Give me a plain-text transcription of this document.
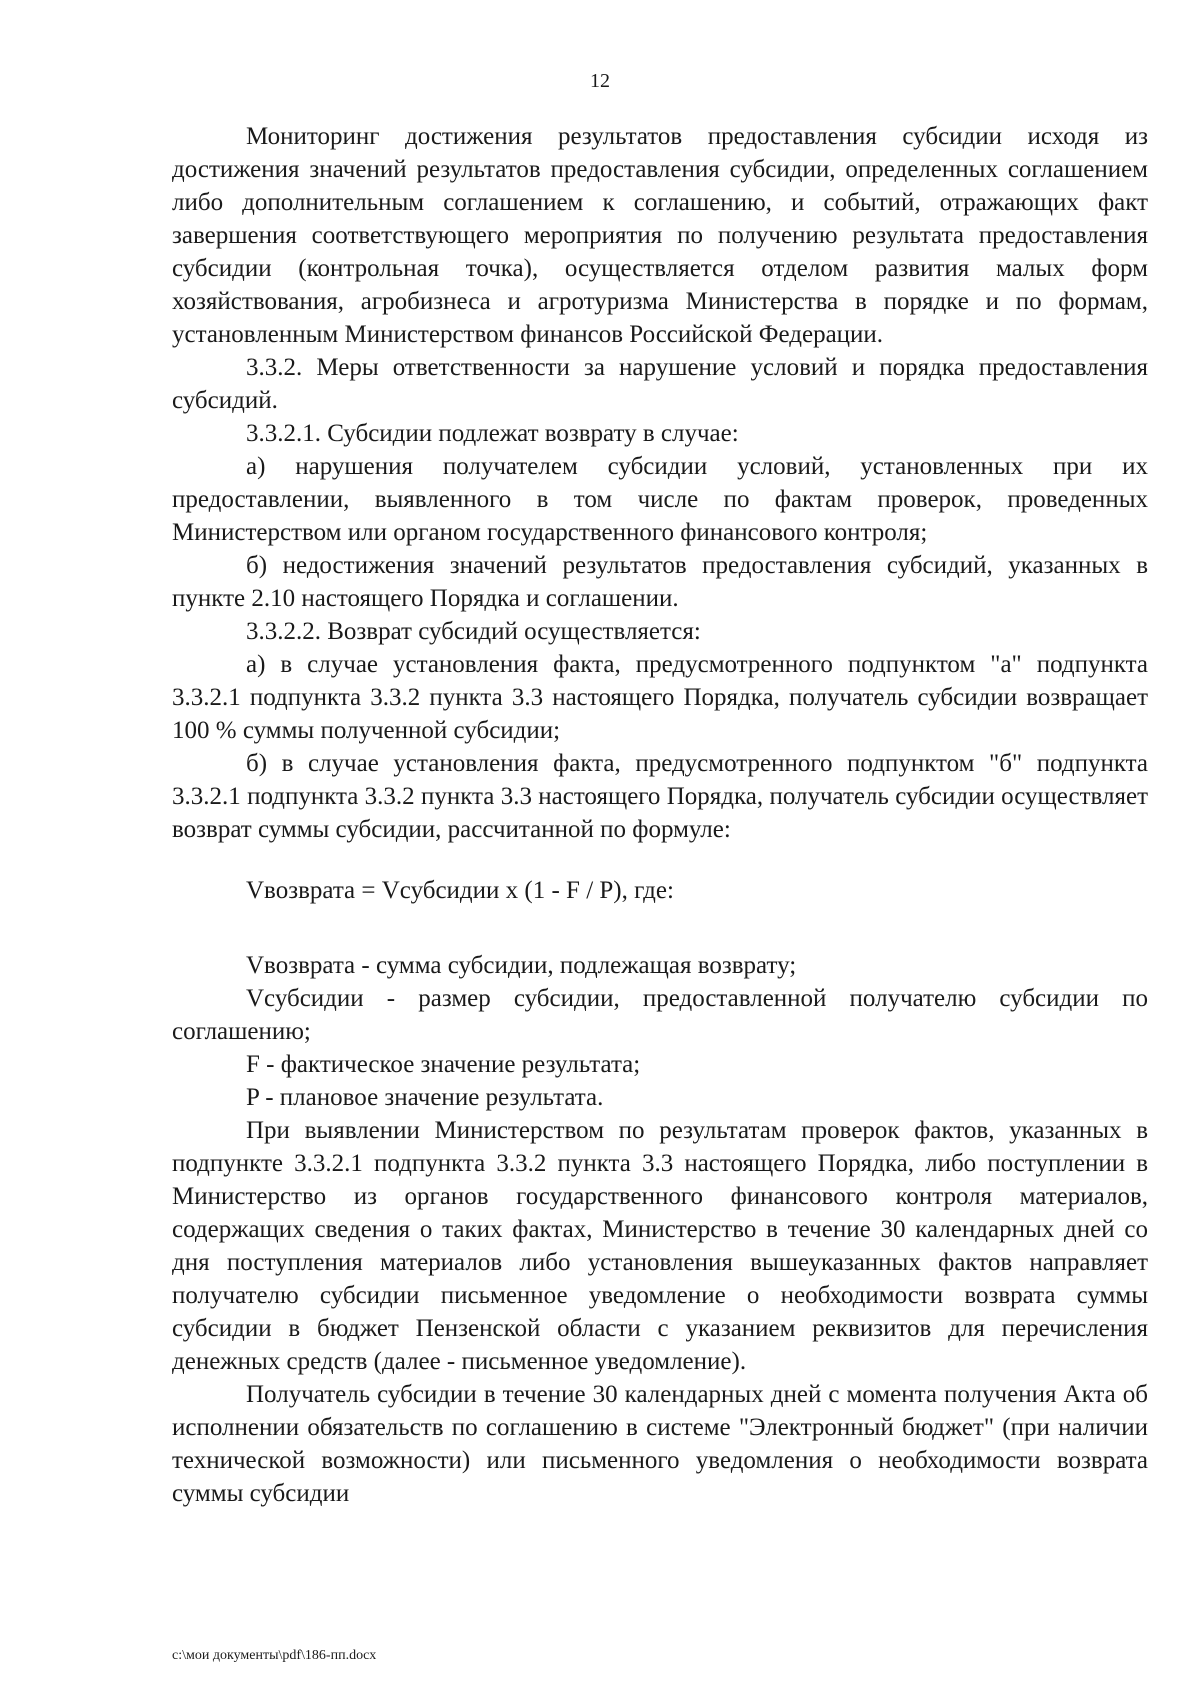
12

Мониторинг достижения результатов предоставления субсидии исходя из достижения значений результатов предоставления субсидии, определенных соглашением либо дополнительным соглашением к соглашению, и событий, отражающих факт завершения соответствующего мероприятия по получению результата предоставления субсидии (контрольная точка), осуществляется отделом развития малых форм хозяйствования, агробизнеса и агротуризма Министерства в порядке и по формам, установленным Министерством финансов Российской Федерации.

3.3.2. Меры ответственности за нарушение условий и порядка предоставления субсидий.

3.3.2.1. Субсидии подлежат возврату в случае:

а) нарушения получателем субсидии условий, установленных при их предоставлении, выявленного в том числе по фактам проверок, проведенных Министерством или органом государственного финансового контроля;

б) недостижения значений результатов предоставления субсидий, указанных в пункте 2.10 настоящего Порядка и соглашении.

3.3.2.2. Возврат субсидий осуществляется:

а) в случае установления факта, предусмотренного подпунктом "а" подпункта 3.3.2.1 подпункта 3.3.2 пункта 3.3 настоящего Порядка, получатель субсидии возвращает 100 % суммы полученной субсидии;

б) в случае установления факта, предусмотренного подпунктом "б" подпункта 3.3.2.1 подпункта 3.3.2 пункта 3.3 настоящего Порядка, получатель субсидии осуществляет возврат суммы субсидии, рассчитанной по формуле:

Vвозврата = Vсубсидии x (1 - F / P), где:

Vвозврата - сумма субсидии, подлежащая возврату;

Vсубсидии - размер субсидии, предоставленной получателю субсидии по соглашению;

F - фактическое значение результата;

P - плановое значение результата.

При выявлении Министерством по результатам проверок фактов, указанных в подпункте 3.3.2.1 подпункта 3.3.2 пункта 3.3 настоящего Порядка, либо поступлении в Министерство из органов государственного финансового контроля материалов, содержащих сведения о таких фактах, Министерство в течение 30 календарных дней со дня поступления материалов либо установления вышеуказанных фактов направляет получателю субсидии письменное уведомление о необходимости возврата суммы субсидии в бюджет Пензенской области с указанием реквизитов для перечисления денежных средств (далее - письменное уведомление).

Получатель субсидии в течение 30 календарных дней с момента получения Акта об исполнении обязательств по соглашению в системе "Электронный бюджет" (при наличии технической возможности) или письменного уведомления о необходимости возврата суммы субсидии

c:\мои документы\pdf\186-пп.docx
